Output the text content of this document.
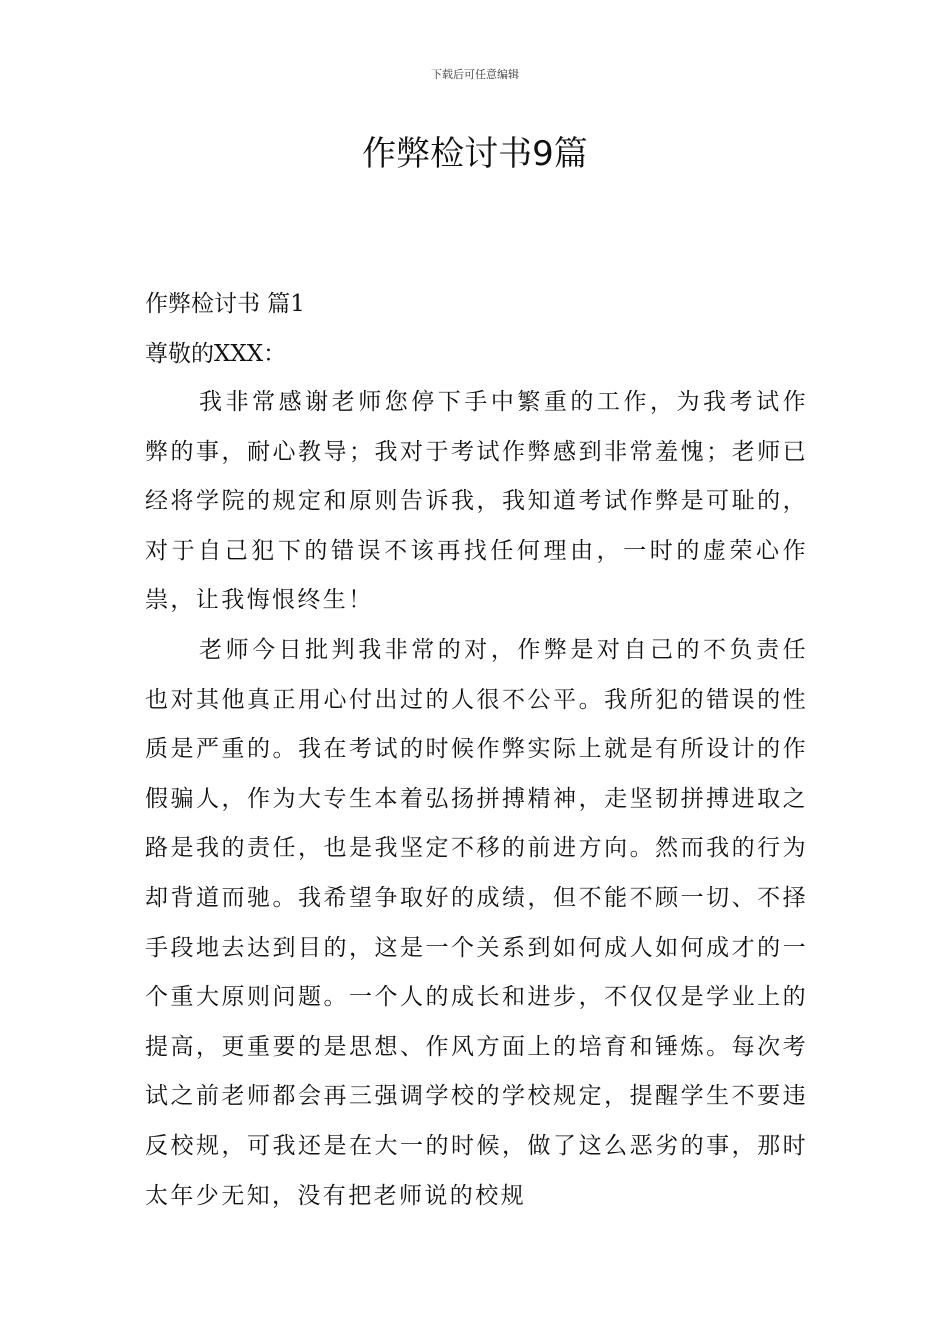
下载后可任意编辑
作弊检讨书9篇

作弊检讨书 篇1

尊敬的XXX：

我非常感谢老师您停下手中繁重的工作，为我考试作弊的事，耐心教导；我对于考试作弊感到非常羞愧；老师已经将学院的规定和原则告诉我，我知道考试作弊是可耻的，对于自己犯下的错误不该再找任何理由，一时的虚荣心作祟，让我悔恨终生！

老师今日批判我非常的对，作弊是对自己的不负责任也对其他真正用心付出过的人很不公平。我所犯的错误的性质是严重的。我在考试的时候作弊实际上就是有所设计的作假骗人，作为大专生本着弘扬拼搏精神，走坚韧拼搏进取之路是我的责任，也是我坚定不移的前进方向。然而我的行为却背道而驰。我希望争取好的成绩，但不能不顾一切、不择手段地去达到目的，这是一个关系到如何成人如何成才的一个重大原则问题。一个人的成长和进步，不仅仅是学业上的提高，更重要的是思想、作风方面上的培育和锤炼。每次考试之前老师都会再三强调学校的学校规定，提醒学生不要违反校规，可我还是在大一的时候，做了这么恶劣的事，那时太年少无知，没有把老师说的校规
